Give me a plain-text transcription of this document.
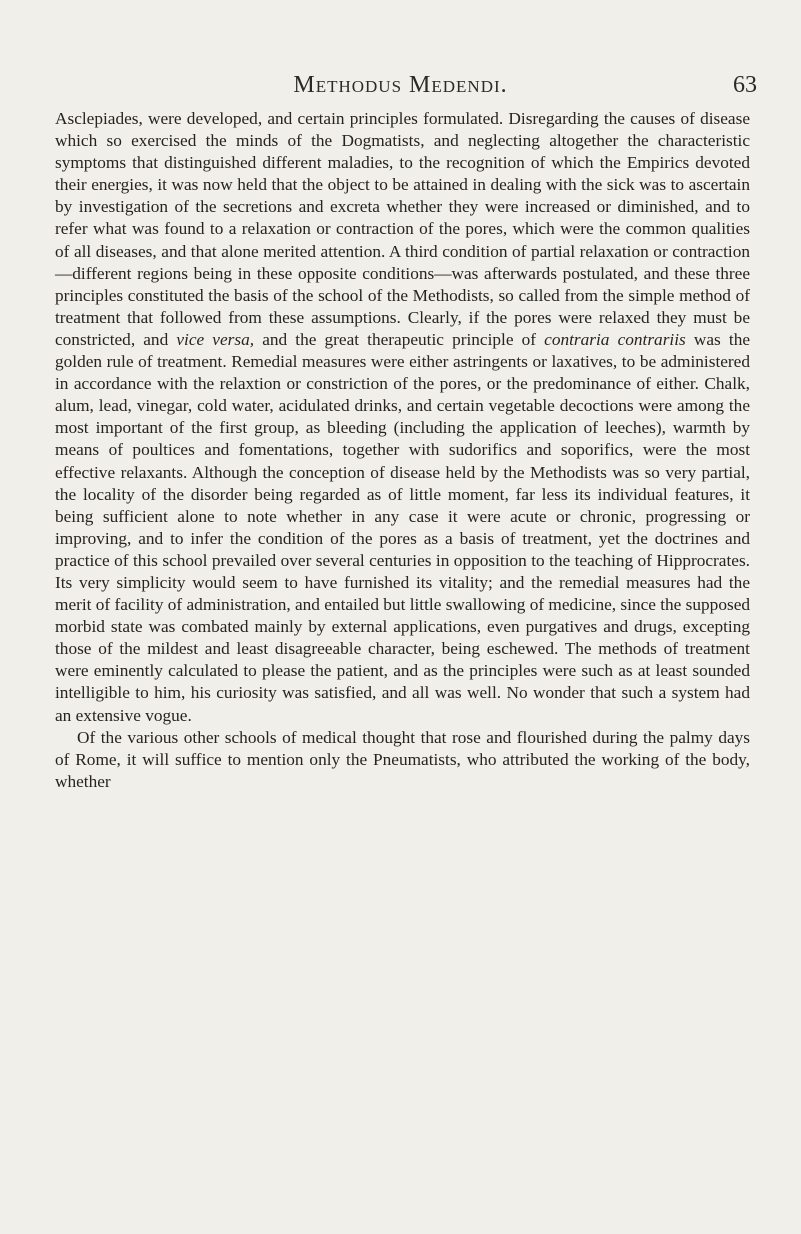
Methodus Medendi.	63

Asclepiades, were developed, and certain principles formulated. Disregarding the causes of disease which so exercised the minds of the Dogmatists, and neglecting altogether the characteristic symptoms that distinguished different maladies, to the recognition of which the Empirics devoted their energies, it was now held that the object to be attained in dealing with the sick was to ascertain by investigation of the secretions and excreta whether they were increased or diminished, and to refer what was found to a relaxation or contraction of the pores, which were the common qualities of all diseases, and that alone merited attention. A third condition of partial relaxation or contraction—different regions being in these opposite conditions—was afterwards postulated, and these three principles constituted the basis of the school of the Methodists, so called from the simple method of treatment that followed from these assumptions. Clearly, if the pores were relaxed they must be constricted, and vice versa, and the great therapeutic principle of contraria contrariis was the golden rule of treatment. Remedial measures were either astringents or laxatives, to be administered in accordance with the relaxtion or constriction of the pores, or the predominance of either. Chalk, alum, lead, vinegar, cold water, acidulated drinks, and certain vegetable decoctions were among the most important of the first group, as bleeding (including the application of leeches), warmth by means of poultices and fomentations, together with sudorifics and soporifics, were the most effective relaxants. Although the conception of disease held by the Methodists was so very partial, the locality of the disorder being regarded as of little moment, far less its individual features, it being sufficient alone to note whether in any case it were acute or chronic, progressing or improving, and to infer the condition of the pores as a basis of treatment, yet the doctrines and practice of this school prevailed over several centuries in opposition to the teaching of Hipprocrates. Its very simplicity would seem to have furnished its vitality; and the remedial measures had the merit of facility of administration, and entailed but little swallowing of medicine, since the supposed morbid state was combated mainly by external applications, even purgatives and drugs, excepting those of the mildest and least disagreeable character, being eschewed. The methods of treatment were eminently calculated to please the patient, and as the principles were such as at least sounded intelligible to him, his curiosity was satisfied, and all was well. No wonder that such a system had an extensive vogue.

Of the various other schools of medical thought that rose and flourished during the palmy days of Rome, it will suffice to mention only the Pneumatists, who attributed the working of the body, whether
